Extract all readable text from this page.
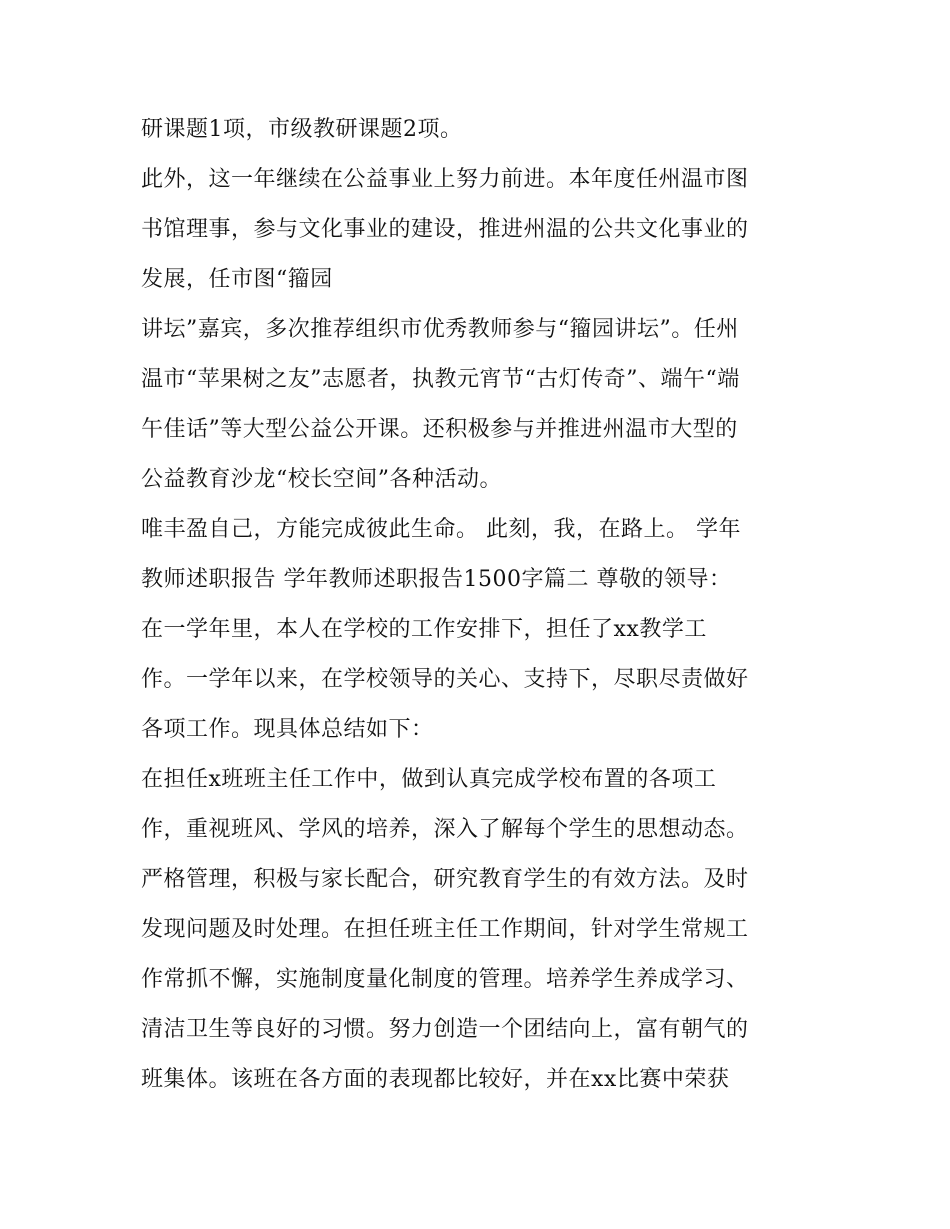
研课题1项，市级教研课题2项。
此外，这一年继续在公益事业上努力前进。本年度任州温市图
书馆理事，参与文化事业的建设，推进州温的公共文化事业的
发展，任市图“籀园
讲坛”嘉宾，多次推荐组织市优秀教师参与“籀园讲坛”。任州
温市“苹果树之友”志愿者，执教元宵节“古灯传奇”、端午“端
午佳话”等大型公益公开课。还积极参与并推进州温市大型的
公益教育沙龙“校长空间”各种活动。
唯丰盈自己，方能完成彼此生命。 此刻，我，在路上。 学年
教师述职报告 学年教师述职报告1500字篇二 尊敬的领导：
在一学年里，本人在学校的工作安排下，担任了xx教学工
作。一学年以来，在学校领导的关心、支持下，尽职尽责做好
各项工作。现具体总结如下：
在担任x班班主任工作中，做到认真完成学校布置的各项工
作，重视班风、学风的培养，深入了解每个学生的思想动态。
严格管理，积极与家长配合，研究教育学生的有效方法。及时
发现问题及时处理。在担任班主任工作期间，针对学生常规工
作常抓不懈，实施制度量化制度的管理。培养学生养成学习、
清洁卫生等良好的习惯。努力创造一个团结向上，富有朝气的
班集体。该班在各方面的表现都比较好，并在xx比赛中荣获
